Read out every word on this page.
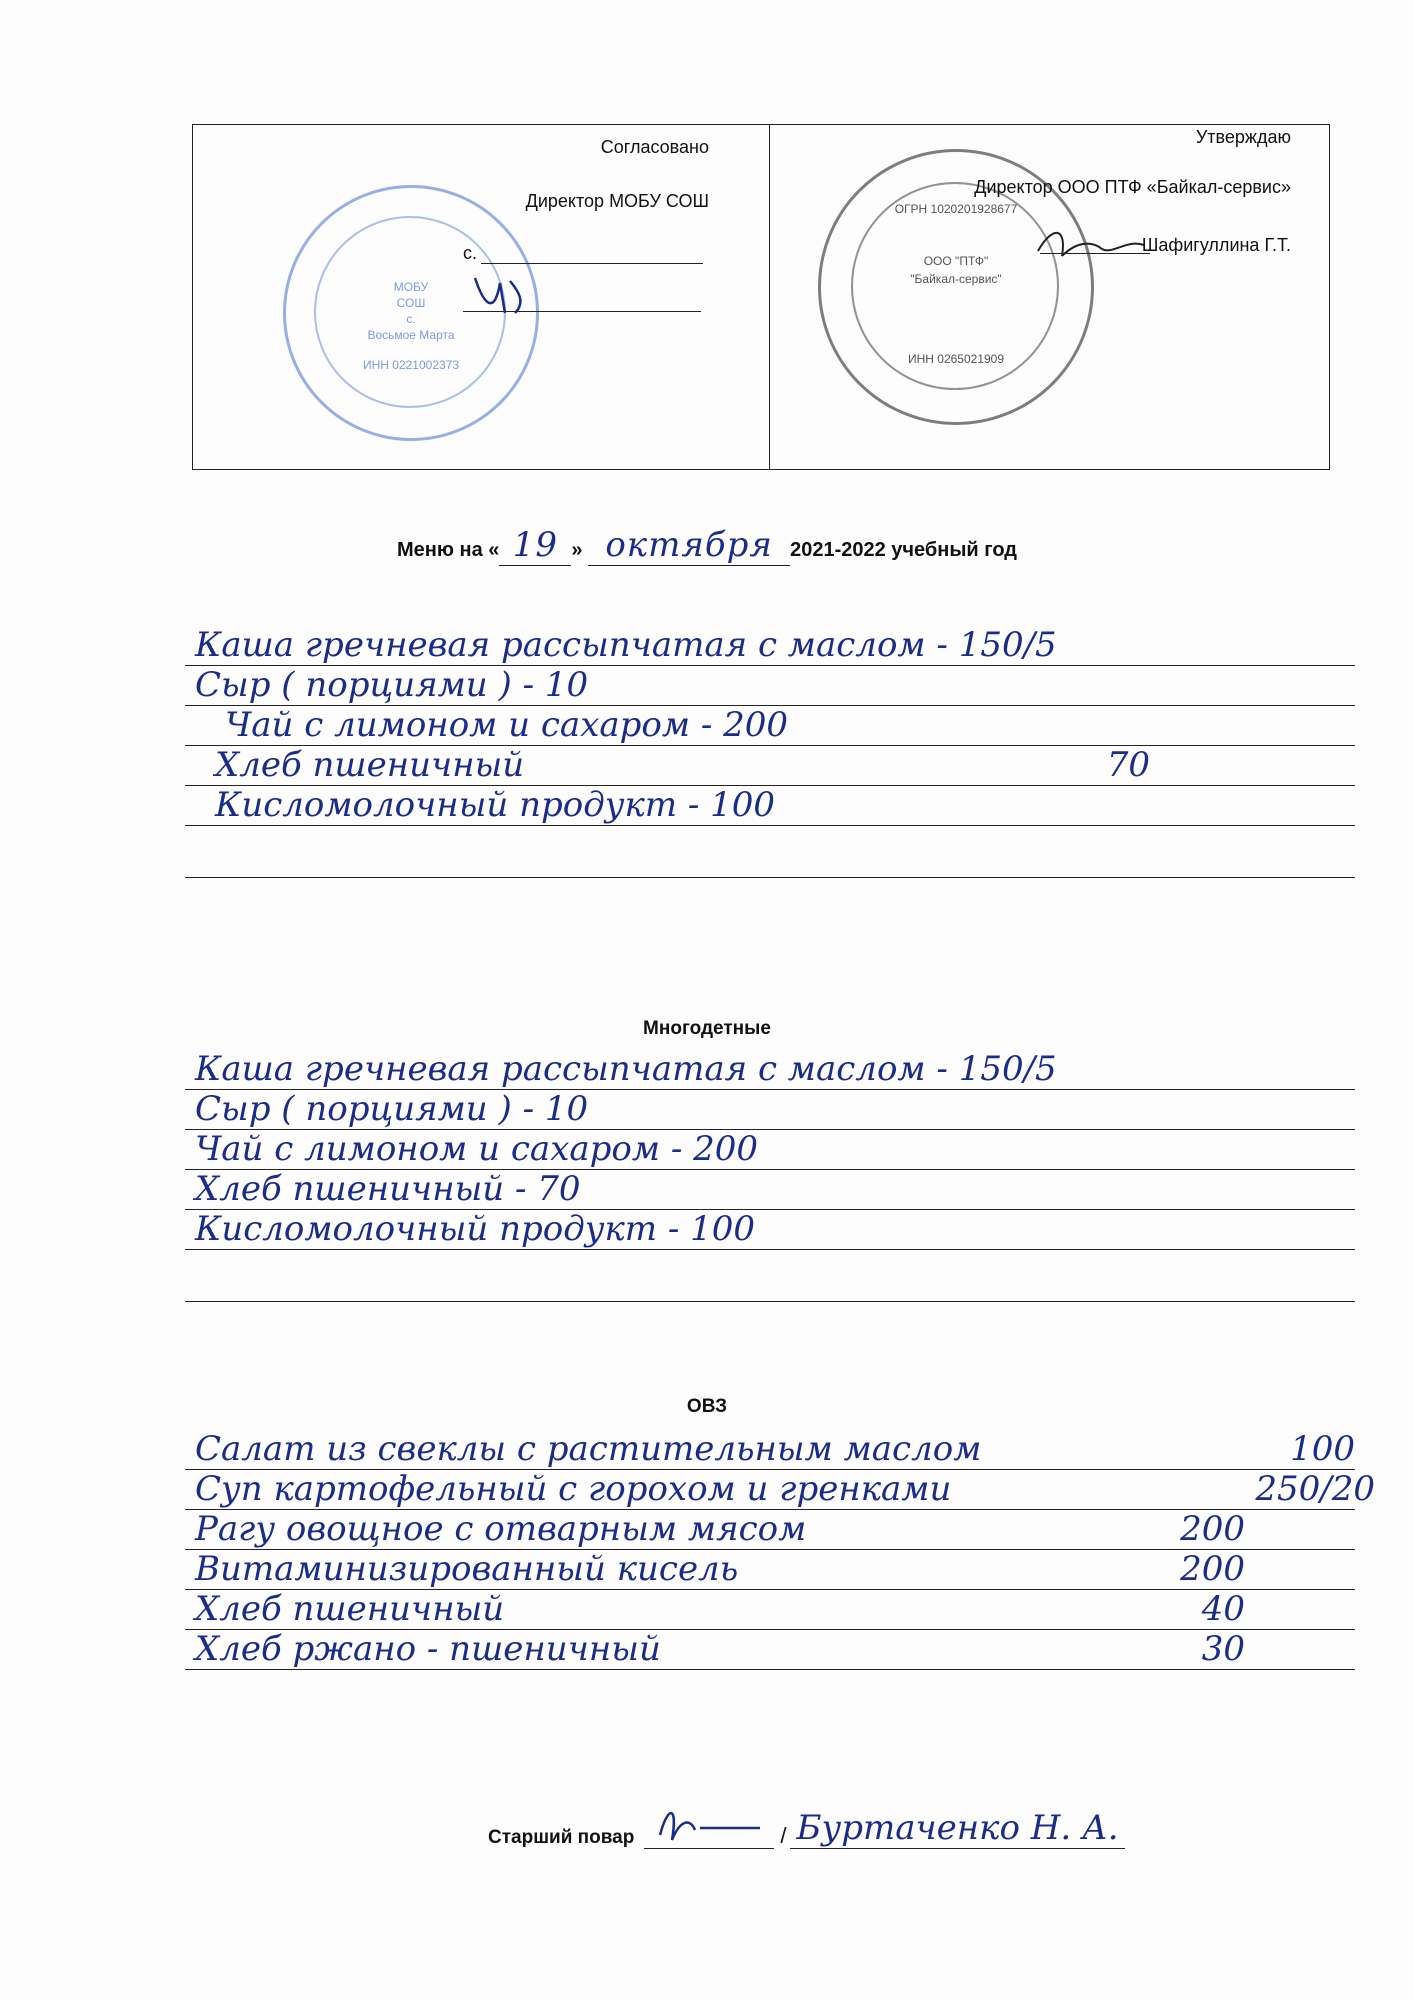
МОБУ
СОШ
с.
Восьмое Марта
ИНН 0221002373
Согласовано
Директор МОБУ СОШ
с.	ООО "ПТФ"
"Байкал-сервис"
ОГРН 1020201928677
ИНН 0265021909
Утверждаю
Директор ООО ПТФ «Байкал-сервис»
Шафигуллина Г.Т.
Меню на « 19 » октября 2021-2022 учебный год
Каша гречневая рассыпчатая с маслом - 150/5
Сыр ( порциями ) - 10
Чай с лимоном и сахаром - 200
Хлеб пшеничный	70
Кисломолочный продукт - 100
Многодетные
Каша гречневая рассыпчатая с маслом - 150/5
Сыр ( порциями ) - 10
Чай с лимоном и сахаром - 200
Хлеб пшеничный - 70
Кисломолочный продукт - 100
ОВЗ
Салат из свеклы с растительным маслом	100
Суп картофельный с горохом и гренками	250/20
Рагу овощное с отварным мясом	200
Витаминизированный кисель	200
Хлеб пшеничный	40
Хлеб ржано - пшеничный	30
Старший повар	/ Буртаченко Н. А.
